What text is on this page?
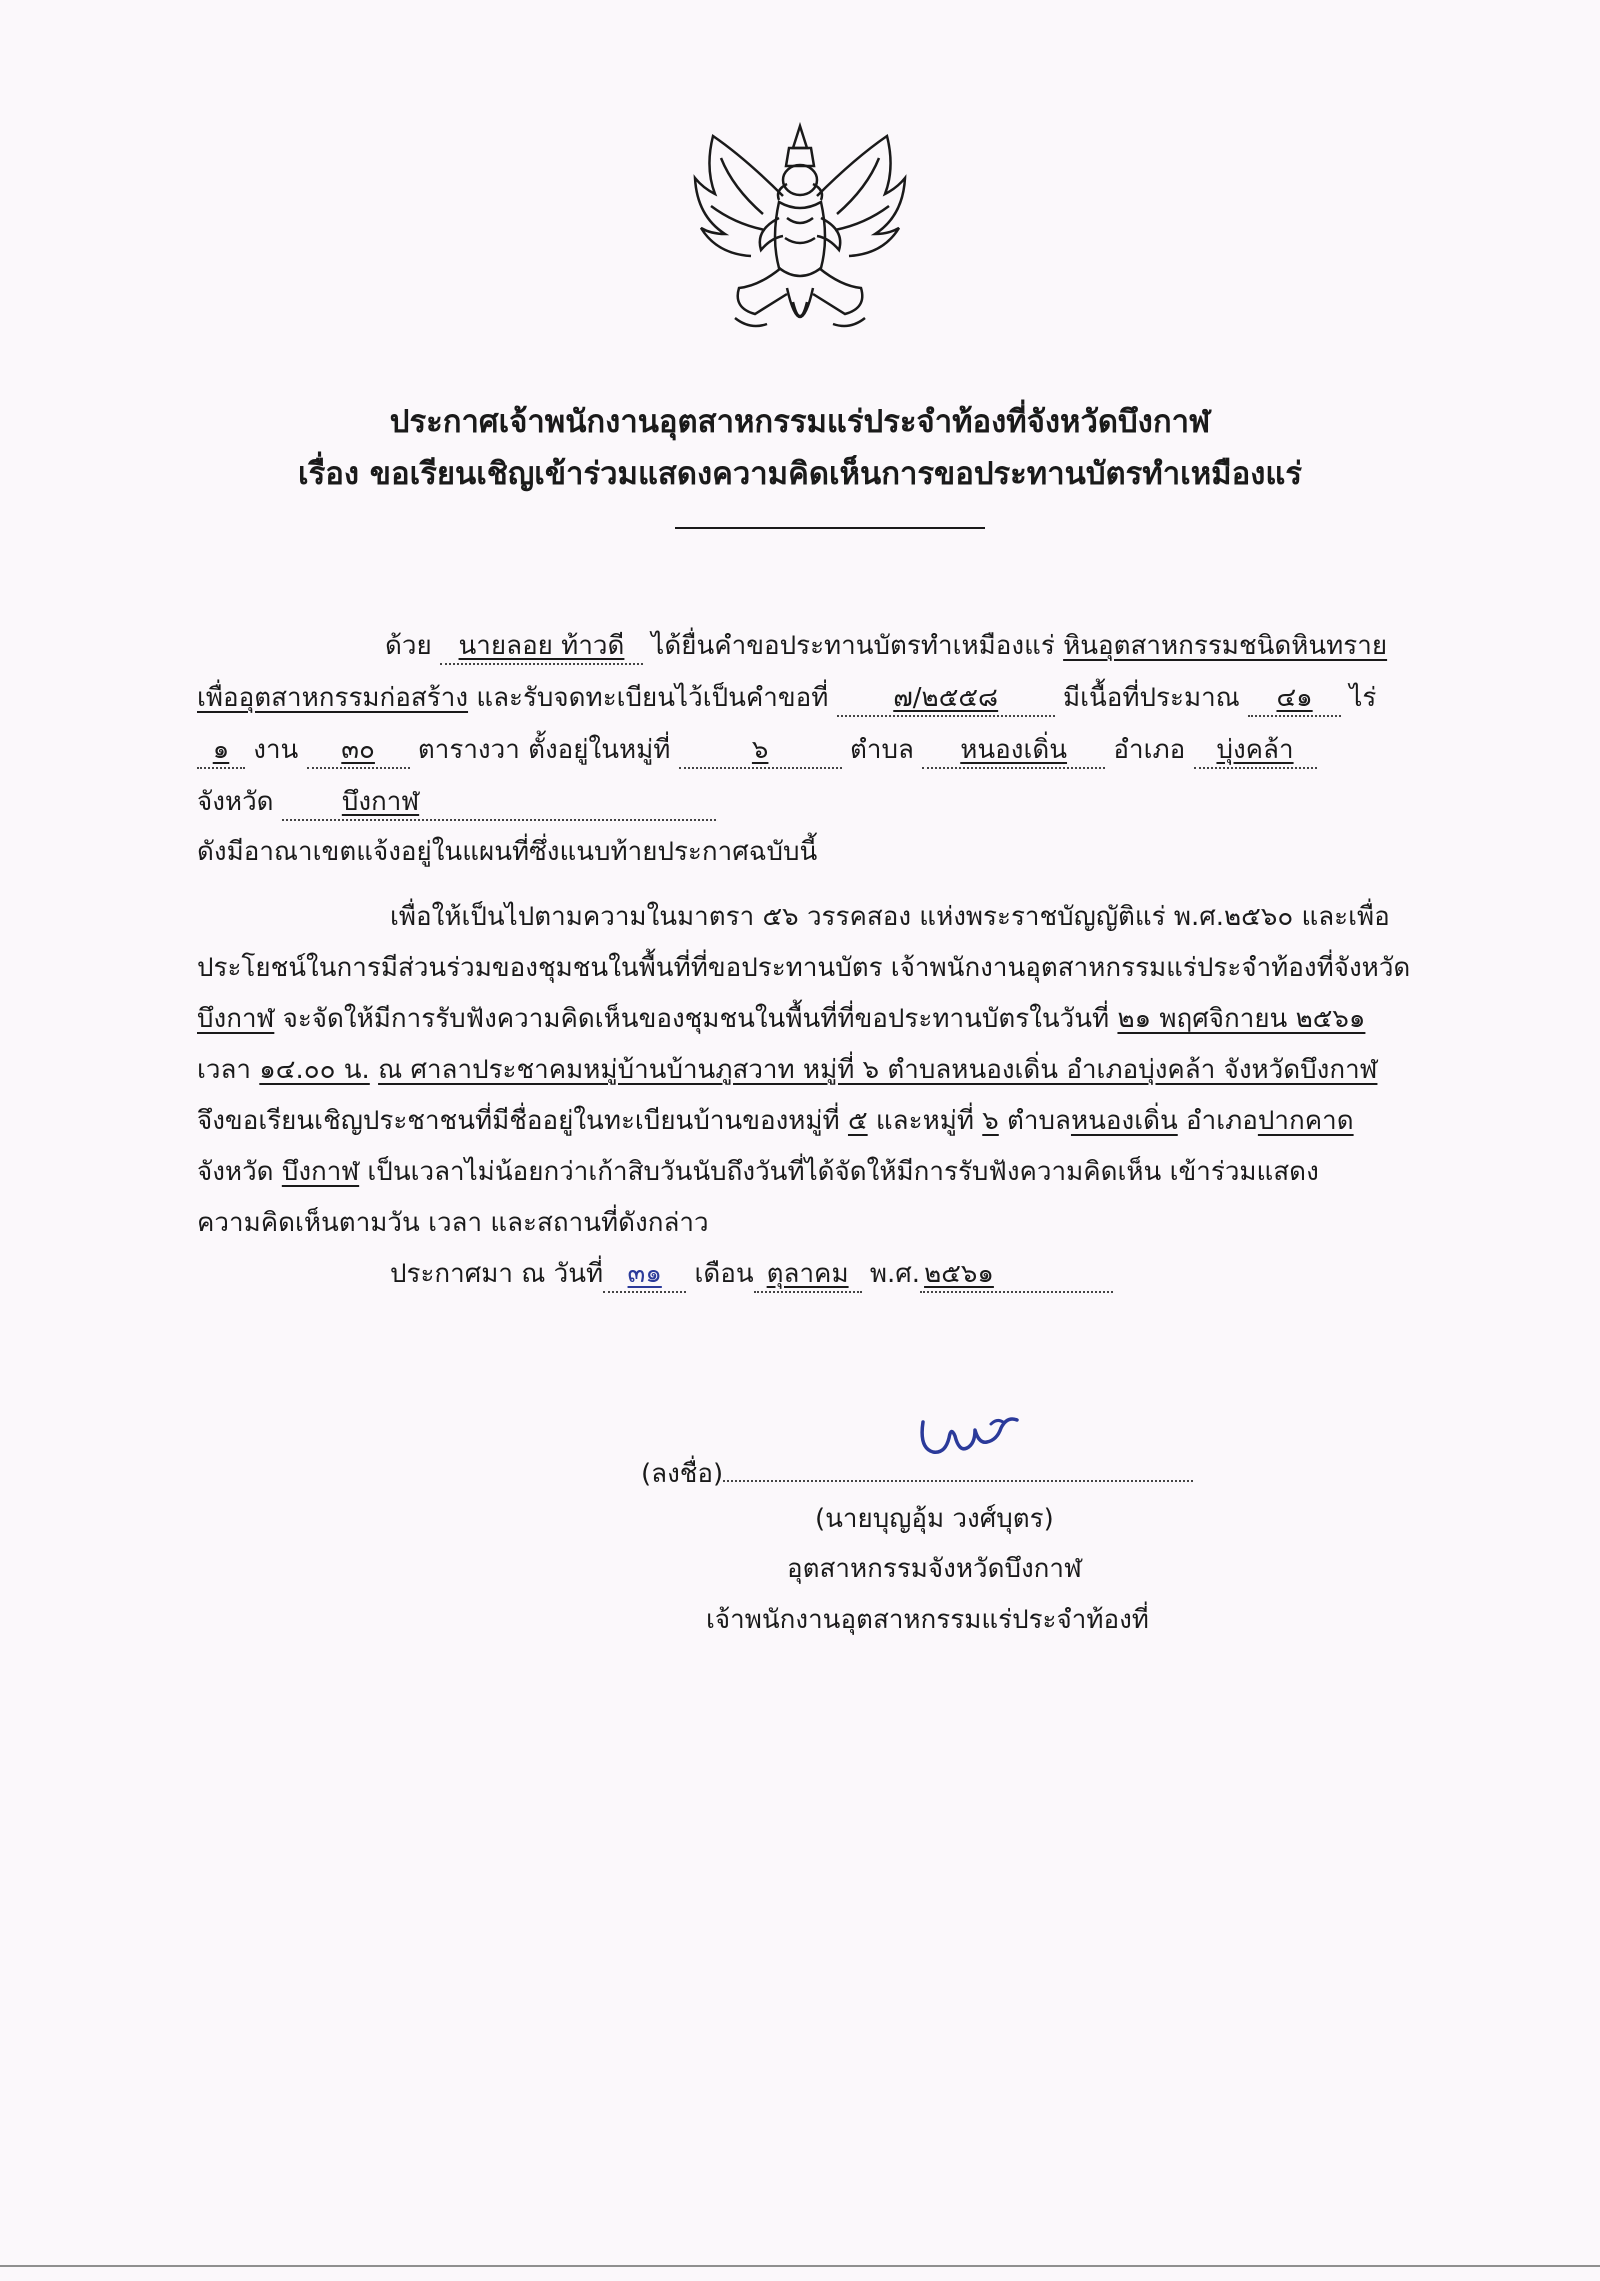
ประกาศเจ้าพนักงานอุตสาหกรรมแร่ประจำท้องที่จังหวัดบึงกาฬ
เรื่อง ขอเรียนเชิญเข้าร่วมแสดงความคิดเห็นการขอประทานบัตรทำเหมืองแร่
ด้วย นายลอย ท้าวดี ได้ยื่นคำขอประทานบัตรทำเหมืองแร่ หินอุตสาหกรรมชนิดหินทราย
เพื่ออุตสาหกรรมก่อสร้าง และรับจดทะเบียนไว้เป็นคำขอที่ ๗/๒๕๕๘ มีเนื้อที่ประมาณ ๔๑ ไร่
๑ งาน ๓๐ ตารางวา ตั้งอยู่ในหมู่ที่	๖	ตำบล หนองเดิ่น อำเภอ บุ่งคล้า
จังหวัด	บึงกาฬ
ดังมีอาณาเขตแจ้งอยู่ในแผนที่ซึ่งแนบท้ายประกาศฉบับนี้
เพื่อให้เป็นไปตามความในมาตรา ๕๖ วรรคสอง แห่งพระราชบัญญัติแร่ พ.ศ.๒๕๖๐ และเพื่อ
ประโยชน์ในการมีส่วนร่วมของชุมชนในพื้นที่ที่ขอประทานบัตร เจ้าพนักงานอุตสาหกรรมแร่ประจำท้องที่จังหวัด
บึงกาฬ จะจัดให้มีการรับฟังความคิดเห็นของชุมชนในพื้นที่ที่ขอประทานบัตรในวันที่ ๒๑ พฤศจิกายน ๒๕๖๑
เวลา ๑๔.๐๐ น. ณ ศาลาประชาคมหมู่บ้านบ้านภูสวาท หมู่ที่ ๖ ตำบลหนองเดิ่น อำเภอบุ่งคล้า จังหวัดบึงกาฬ
จึงขอเรียนเชิญประชาชนที่มีชื่ออยู่ในทะเบียนบ้านของหมู่ที่ ๕ และหมู่ที่ ๖ ตำบลหนองเดิ่น อำเภอปากคาด
จังหวัด บึงกาฬ เป็นเวลาไม่น้อยกว่าเก้าสิบวันนับถึงวันที่ได้จัดให้มีการรับฟังความคิดเห็น เข้าร่วมแสดง
ความคิดเห็นตามวัน เวลา และสถานที่ดังกล่าว
ประกาศมา ณ วันที่ ๓๑ เดือน ตุลาคม พ.ศ. ๒๕๖๑
(ลงชื่อ)
(นายบุญอุ้ม วงศ์บุตร)
อุตสาหกรรมจังหวัดบึงกาฬ
เจ้าพนักงานอุตสาหกรรมแร่ประจำท้องที่
